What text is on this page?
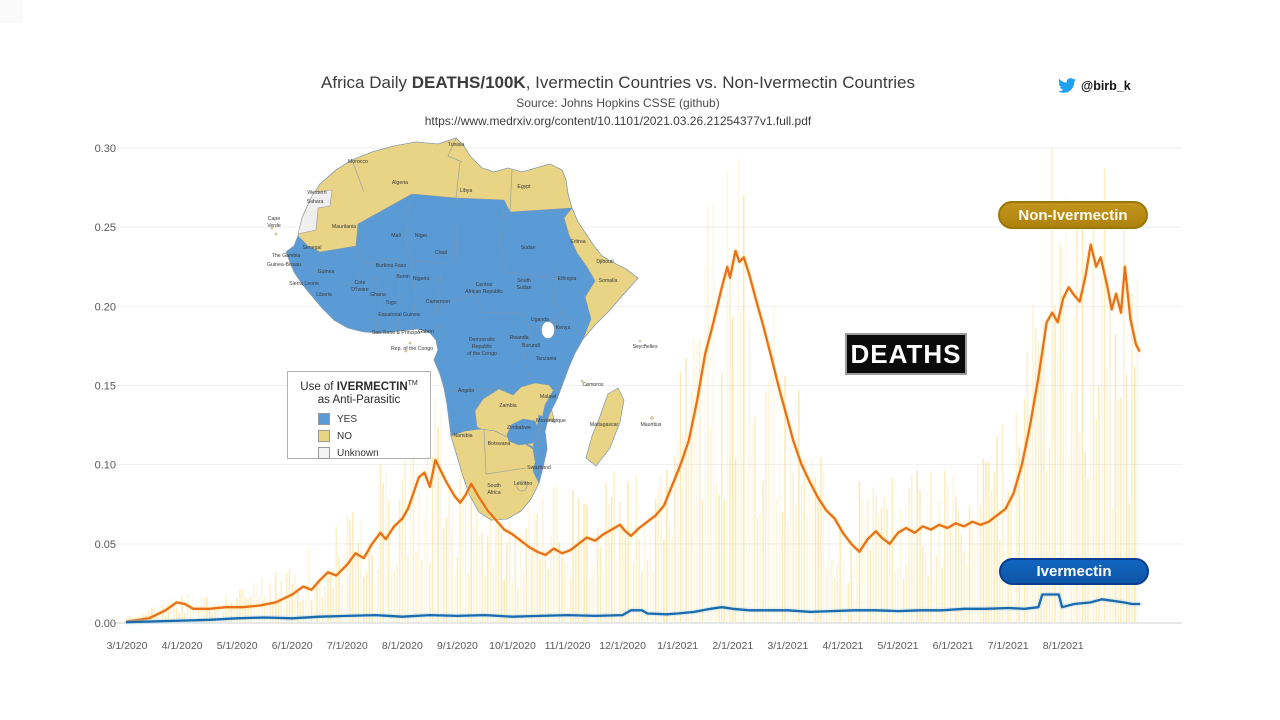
0.00
0.05
0.10
0.15
0.20
0.25
0.30
3/1/2020 4/1/2020 5/1/2020 6/1/2020 7/1/2020 8/1/2020 9/1/2020 10/1/2020 11/1/2020 12/1/2020 1/1/2021 2/1/2021 3/1/2021 4/1/2021 5/1/2021 6/1/2021 7/1/2021 8/1/2021
Cape
Verde
Morocco
Tunisia
Algeria
Libya
Egypt
Western
Sahara
Mauritania
Mali	Niger
Chad
Sudan
Eritrea
Djibouti
Ethiopia	Somalia
Senegal
The Gambia
Guinea-Bissau
Guinea
Sierra Leone
Liberia
Cote
D'Ivoire
Ghana
Burkina Faso
Benin
Togo
Nigeria
Cameroon
Equatorial Guinea
Sao Tome & Principe
Gabon
Rep. of the Congo
Central
African Republic
South
Sudan
Democratic
Republic
of the Congo
Uganda
Kenya
Rwanda
Burundi
Tanzania
Angola
Zambia
Malawi
Mozambique
Zimbabwe
Namibia
Botswana
Madagascar	Mauritius
Comoros
Seychelles
Swaziland
Lesotho
South
Africa
Use of IVERMECTIN™
as Anti-Parasitic
YES
NO
Unknown
DEATHS
Non-Ivermectin
Ivermectin
Africa Daily DEATHS/100K, Ivermectin Countries vs. Non-Ivermectin Countries
Source: Johns Hopkins CSSE (github)
https://www.medrxiv.org/content/10.1101/2021.03.26.21254377v1.full.pdf
@birb_k
